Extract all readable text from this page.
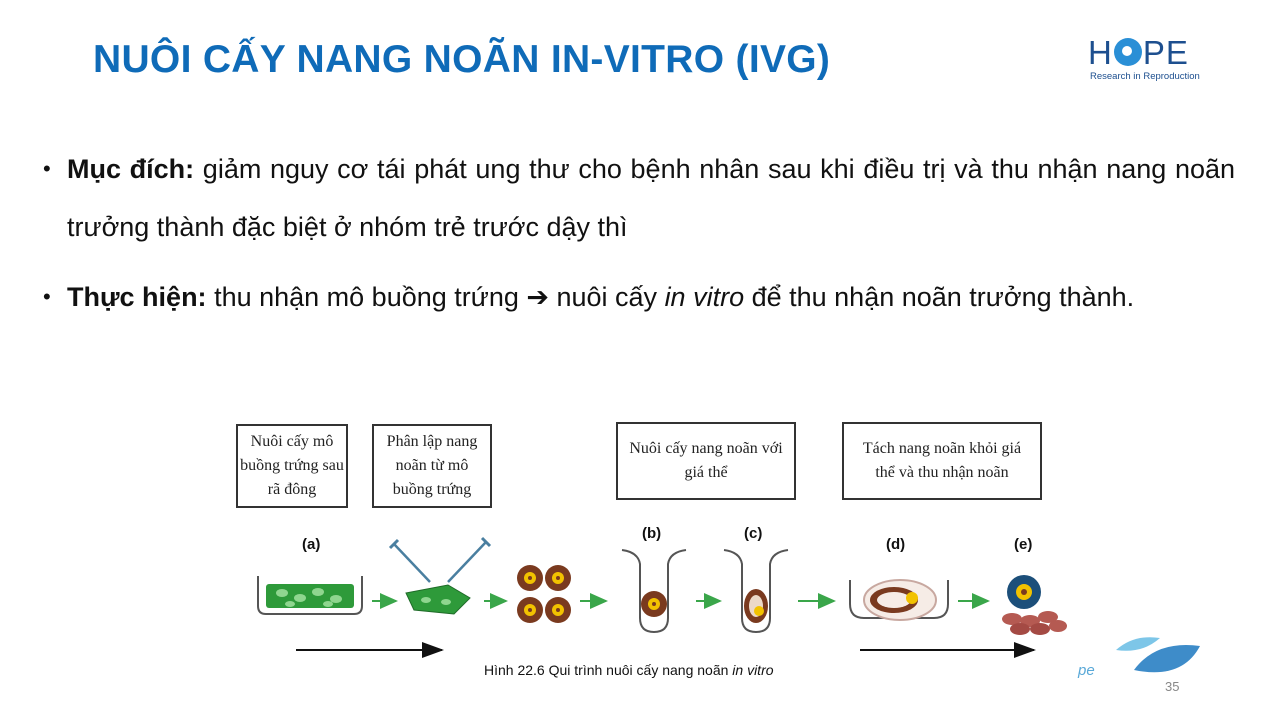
NUÔI CẤY NANG NOÃN IN-VITRO (IVG)	H PE
Research in Reproduction
• Mục đích: giảm nguy cơ tái phát ung thư cho bệnh nhân sau khi điều trị và thu nhận nang noãn trưởng thành đặc biệt ở nhóm trẻ trước dậy thì
• Thực hiện: thu nhận mô buồng trứng ➔ nuôi cấy in vitro để thu nhận noãn trưởng thành.
Nuôi cấy mô buồng trứng sau rã đông
Phân lập nang noãn từ mô buồng trứng
Nuôi cấy nang noãn với giá thể
Tách nang noãn khỏi giá thể và thu nhận noãn
(a)
(b)	(c)
(d)	(e)
Hình 22.6 Qui trình nuôi cấy nang noãn in vitro	pe
35
